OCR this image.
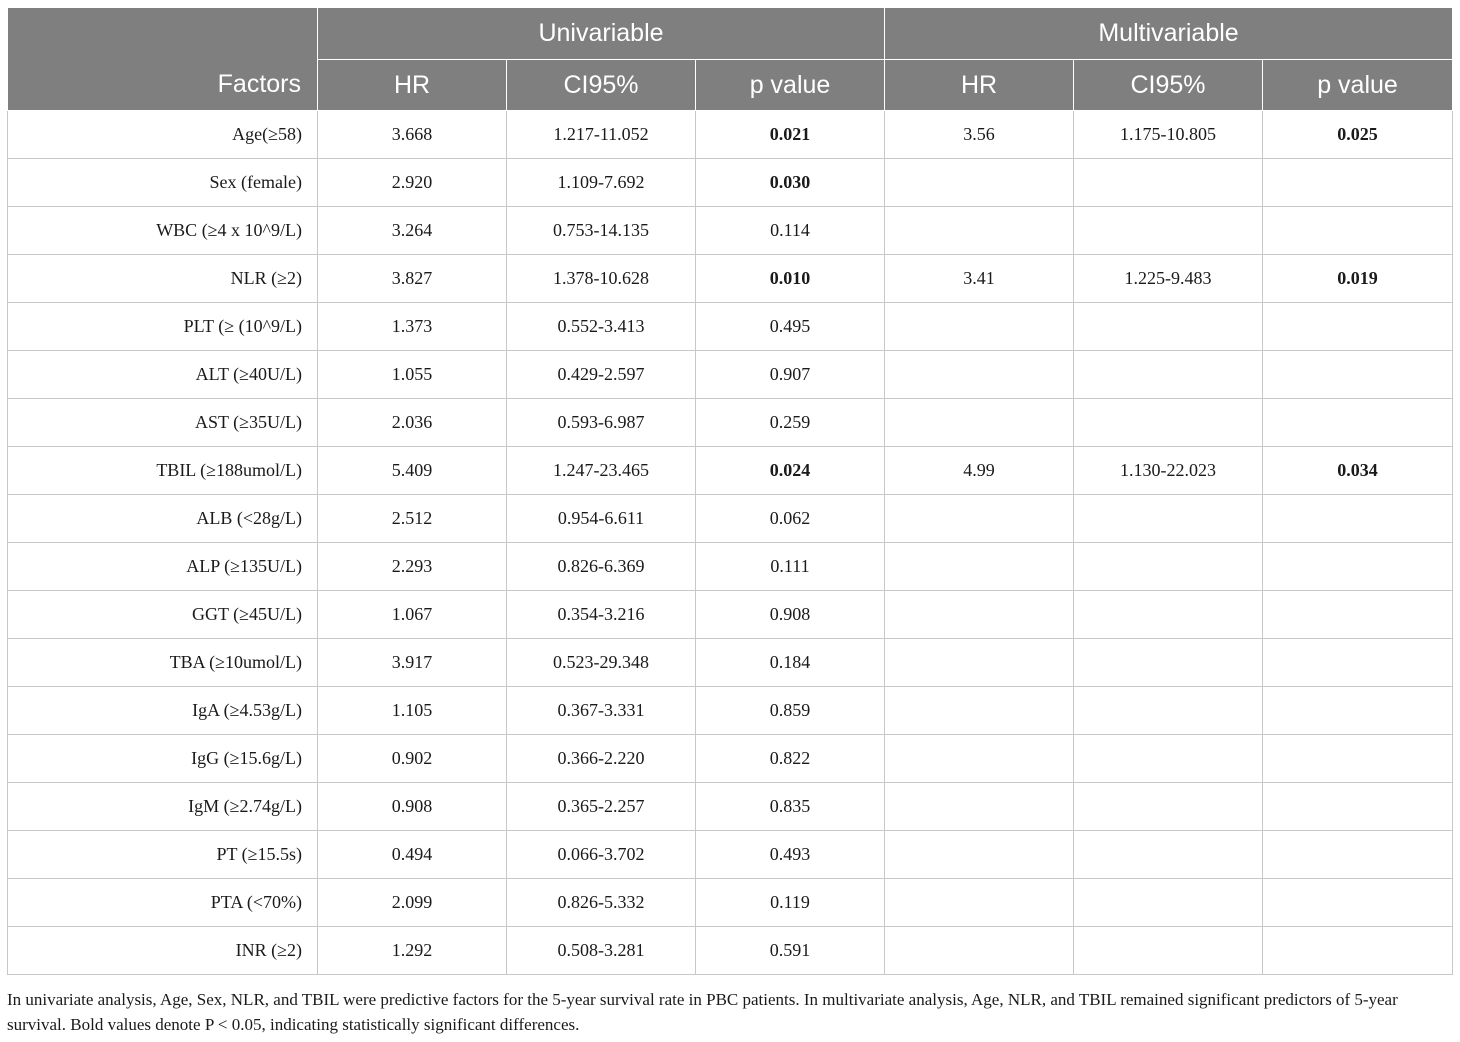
Factors	Univariable			Multivariable		
	HR	CI95%	p value	HR	CI95%	p value
Age(≥58)	3.668	1.217-11.052	0.021	3.56	1.175-10.805	0.025
Sex (female)	2.920	1.109-7.692	0.030			
WBC (≥4 x 10^9/L)	3.264	0.753-14.135	0.114			
NLR (≥2)	3.827	1.378-10.628	0.010	3.41	1.225-9.483	0.019
PLT (≥ (10^9/L)	1.373	0.552-3.413	0.495			
ALT (≥40U/L)	1.055	0.429-2.597	0.907			
AST (≥35U/L)	2.036	0.593-6.987	0.259			
TBIL (≥188umol/L)	5.409	1.247-23.465	0.024	4.99	1.130-22.023	0.034
ALB (<28g/L)	2.512	0.954-6.611	0.062			
ALP (≥135U/L)	2.293	0.826-6.369	0.111			
GGT (≥45U/L)	1.067	0.354-3.216	0.908			
TBA (≥10umol/L)	3.917	0.523-29.348	0.184			
IgA (≥4.53g/L)	1.105	0.367-3.331	0.859			
IgG (≥15.6g/L)	0.902	0.366-2.220	0.822			
IgM (≥2.74g/L)	0.908	0.365-2.257	0.835			
PT (≥15.5s)	0.494	0.066-3.702	0.493			
PTA (<70%)	2.099	0.826-5.332	0.119			
INR (≥2)	1.292	0.508-3.281	0.591			

In univariate analysis, Age, Sex, NLR, and TBIL were predictive factors for the 5-year survival rate in PBC patients. In multivariate analysis, Age, NLR, and TBIL remained significant predictors of 5-year survival. Bold values denote P < 0.05, indicating statistically significant differences.
